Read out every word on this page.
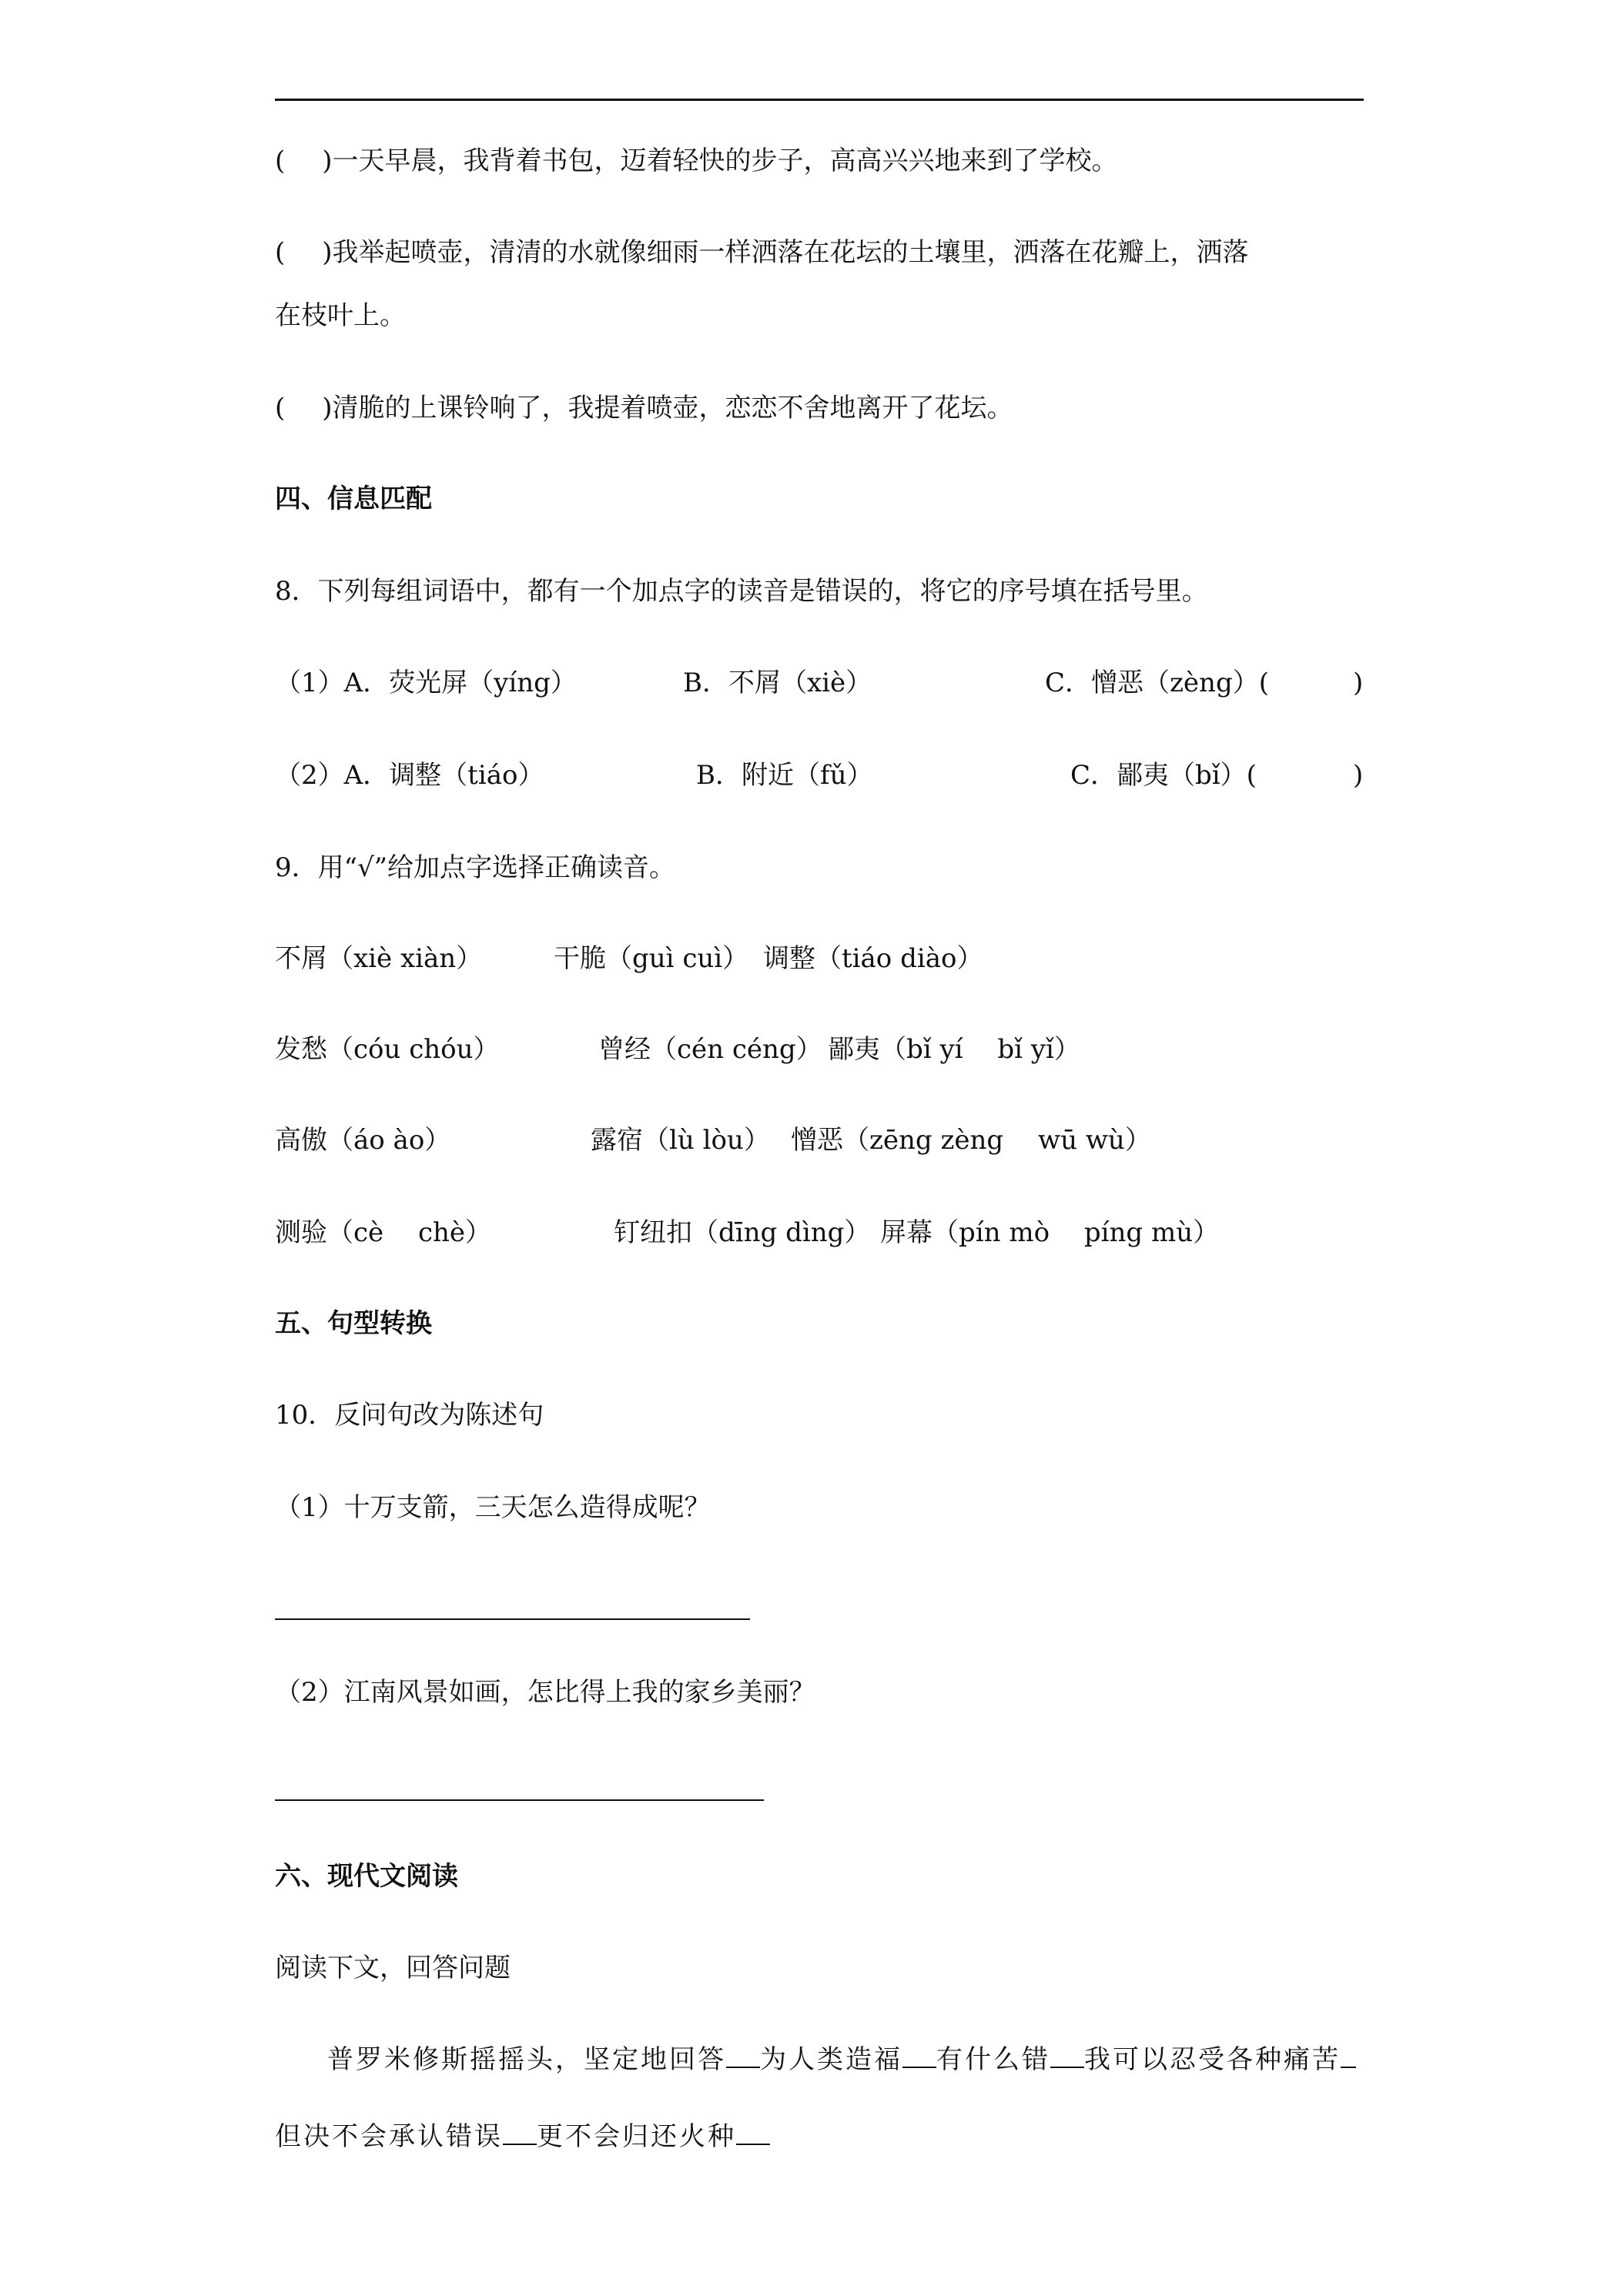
( )一天早晨，我背着书包，迈着轻快的步子，高高兴兴地来到了学校。
( )我举起喷壶，清清的水就像细雨一样洒落在花坛的土壤里，洒落在花瓣上，洒落
在枝叶上。
( )清脆的上课铃响了，我提着喷壶，恋恋不舍地离开了花坛。
四、信息匹配
8．下列每组词语中，都有一个加点字的读音是错误的，将它的序号填在括号里。
（1）A．荧光屏（yíng）	B．不屑（xiè）	C．憎恶（zèng）(	)
（2）A．调整（tiáo）	B．附近（fǔ）	C．鄙夷（bǐ）(	)
9．用“√”给加点字选择正确读音。
不屑（xiè xiàn）	干脆（guì cuì） 调整（tiáo diào）
发愁（cóu chóu）	曾经（cén céng） 鄙夷（bǐ yí　 bǐ yǐ）
高傲（áo ào）	露宿（lù lòu） 憎恶（zēng zèng　 wū wù）
测验（cè　 chè）	钉纽扣（dīng dìng） 屏幕（pín mò　 píng mù）
五、句型转换
10．反问句改为陈述句
（1）十万支箭，三天怎么造得成呢？
（2）江南风景如画，怎比得上我的家乡美丽？
六、现代文阅读
阅读下文，回答问题
普罗米修斯摇摇头，坚定地回答 为人类造福 有什么错 我可以忍受各种痛苦
但决不会承认错误 更不会归还火种
